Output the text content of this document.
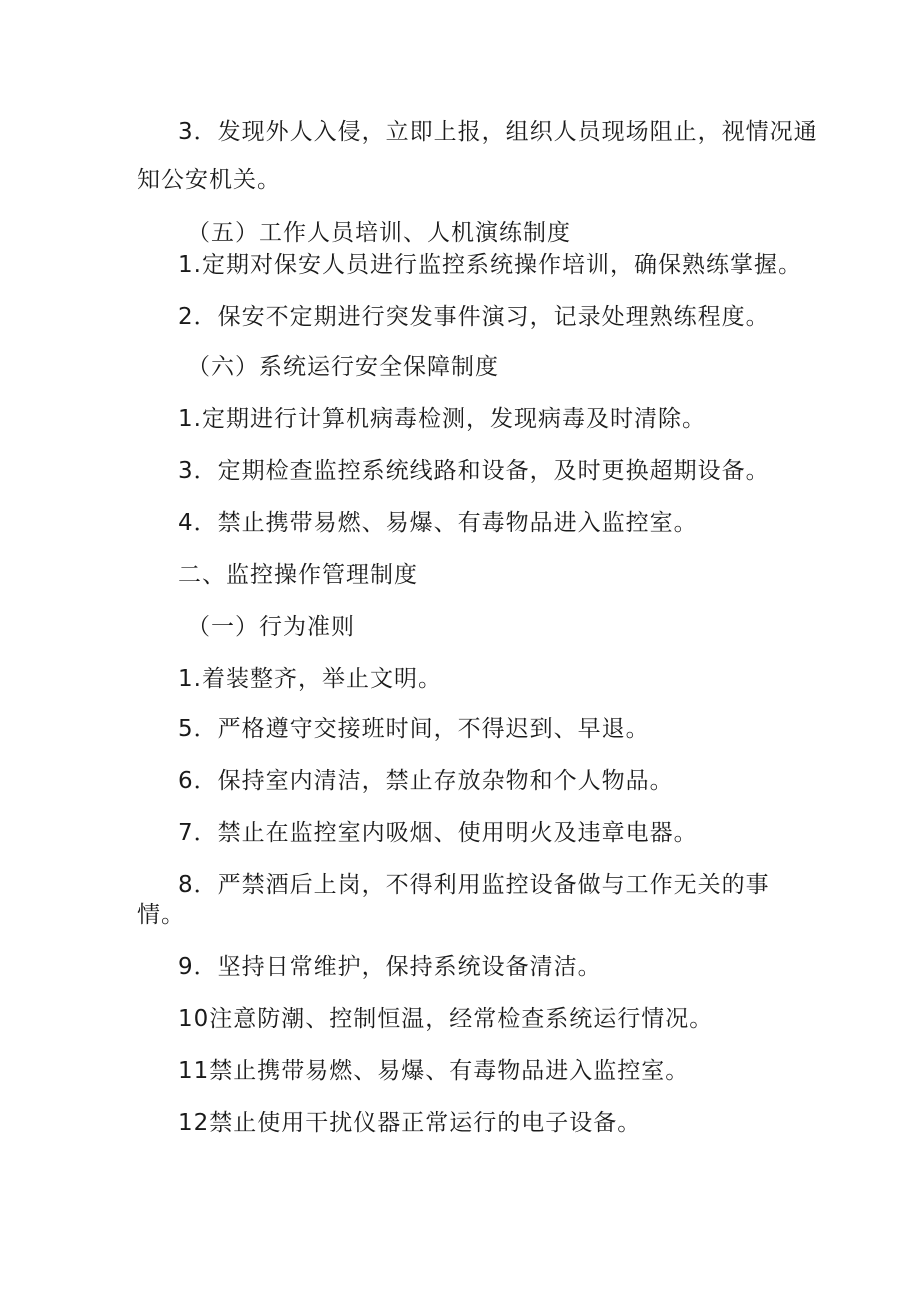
3．发现外人入侵，立即上报，组织人员现场阻止，视情况通
知公安机关。
（五）工作人员培训、人机演练制度
1.定期对保安人员进行监控系统操作培训，确保熟练掌握。
2．保安不定期进行突发事件演习，记录处理熟练程度。
（六）系统运行安全保障制度
1.定期进行计算机病毒检测，发现病毒及时清除。
3．定期检查监控系统线路和设备，及时更换超期设备。
4．禁止携带易燃、易爆、有毒物品进入监控室。
二、监控操作管理制度
（一）行为准则
1.着装整齐，举止文明。
5．严格遵守交接班时间，不得迟到、早退。
6．保持室内清洁，禁止存放杂物和个人物品。
7．禁止在监控室内吸烟、使用明火及违章电器。
8．严禁酒后上岗，不得利用监控设备做与工作无关的事
情。
9．坚持日常维护，保持系统设备清洁。
10注意防潮、控制恒温，经常检查系统运行情况。
11禁止携带易燃、易爆、有毒物品进入监控室。
12禁止使用干扰仪器正常运行的电子设备。
